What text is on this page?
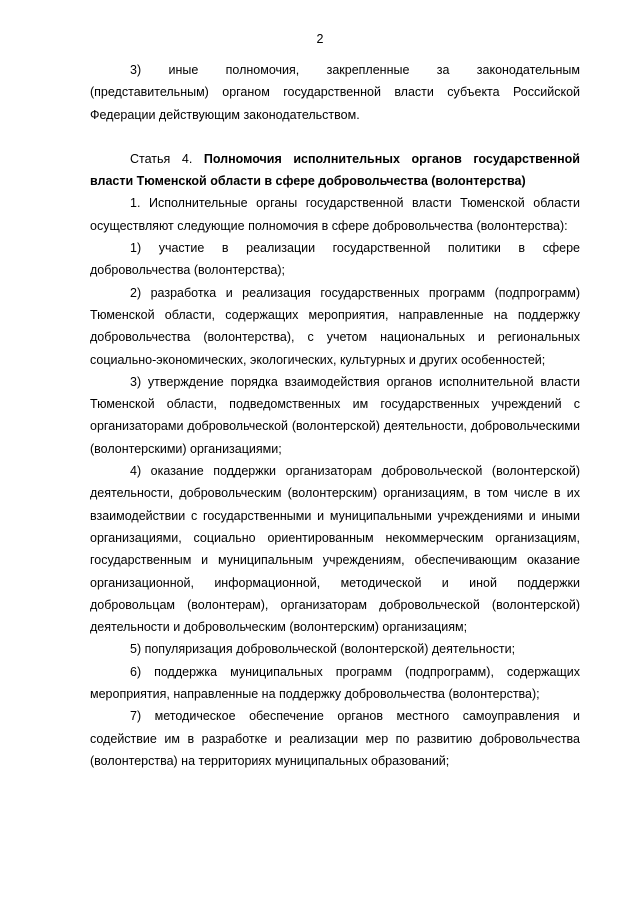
2

3) иные полномочия, закрепленные за законодательным (представительным) органом государственной власти субъекта Российской Федерации действующим законодательством.

Статья 4. Полномочия исполнительных органов государственной власти Тюменской области в сфере добровольчества (волонтерства)

1. Исполнительные органы государственной власти Тюменской области осуществляют следующие полномочия в сфере добровольчества (волонтерства):

1) участие в реализации государственной политики в сфере добровольчества (волонтерства);

2) разработка и реализация государственных программ (подпрограмм) Тюменской области, содержащих мероприятия, направленные на поддержку добровольчества (волонтерства), с учетом национальных и региональных социально-экономических, экологических, культурных и других особенностей;

3) утверждение порядка взаимодействия органов исполнительной власти Тюменской области, подведомственных им государственных учреждений с организаторами добровольческой (волонтерской) деятельности, добровольческими (волонтерскими) организациями;

4) оказание поддержки организаторам добровольческой (волонтерской) деятельности, добровольческим (волонтерским) организациям, в том числе в их взаимодействии с государственными и муниципальными учреждениями и иными организациями, социально ориентированным некоммерческим организациям, государственным и муниципальным учреждениям, обеспечивающим оказание организационной, информационной, методической и иной поддержки добровольцам (волонтерам), организаторам добровольческой (волонтерской) деятельности и добровольческим (волонтерским) организациям;

5) популяризация добровольческой (волонтерской) деятельности;

6) поддержка муниципальных программ (подпрограмм), содержащих мероприятия, направленные на поддержку добровольчества (волонтерства);

7) методическое обеспечение органов местного самоуправления и содействие им в разработке и реализации мер по развитию добровольчества (волонтерства) на территориях муниципальных образований;
